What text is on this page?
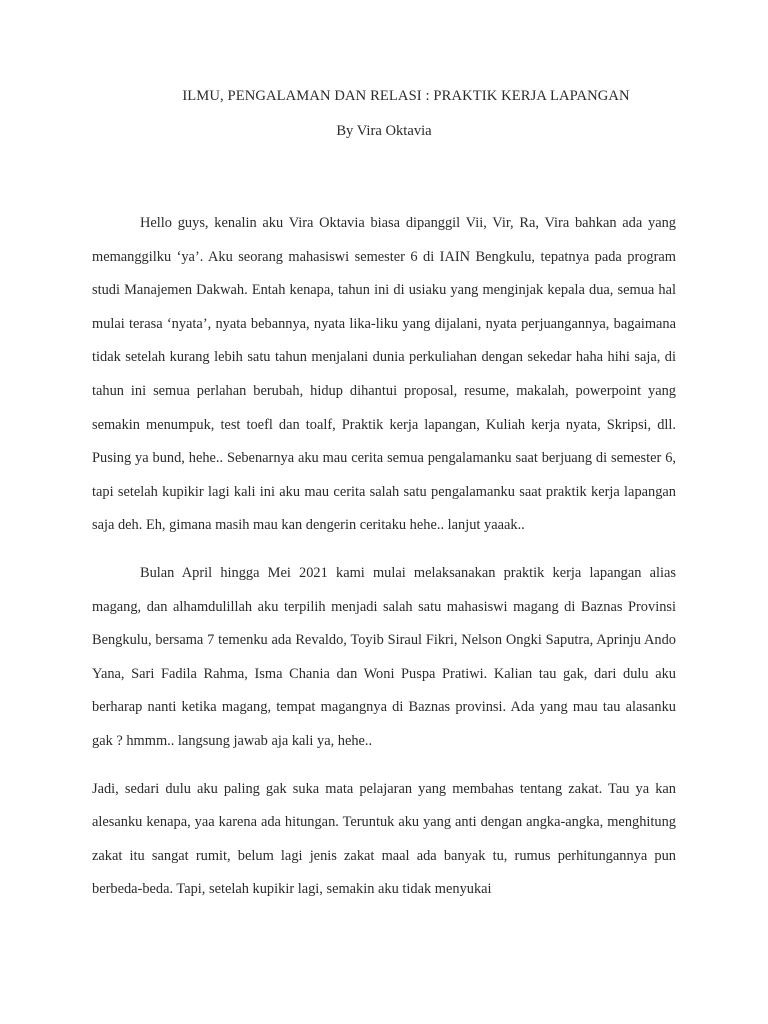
ILMU, PENGALAMAN DAN RELASI : PRAKTIK KERJA LAPANGAN

By Vira Oktavia

Hello guys, kenalin aku Vira Oktavia biasa dipanggil Vii, Vir, Ra, Vira bahkan ada yang memanggilku ‘ya’. Aku seorang mahasiswi semester 6 di IAIN Bengkulu, tepatnya pada program studi Manajemen Dakwah. Entah kenapa, tahun ini di usiaku yang menginjak kepala dua, semua hal mulai terasa ‘nyata’, nyata bebannya, nyata lika-liku yang dijalani, nyata perjuangannya, bagaimana tidak setelah kurang lebih satu tahun menjalani dunia perkuliahan dengan sekedar haha hihi saja, di tahun ini semua perlahan berubah, hidup dihantui proposal, resume, makalah, powerpoint yang semakin menumpuk, test toefl dan toalf, Praktik kerja lapangan, Kuliah kerja nyata, Skripsi, dll. Pusing ya bund, hehe.. Sebenarnya aku mau cerita semua pengalamanku saat berjuang di semester 6, tapi setelah kupikir lagi kali ini aku mau cerita salah satu pengalamanku saat praktik kerja lapangan saja deh. Eh, gimana masih mau kan dengerin ceritaku hehe.. lanjut yaaak..

Bulan April hingga Mei 2021 kami mulai melaksanakan praktik kerja lapangan alias magang, dan alhamdulillah aku terpilih menjadi salah satu mahasiswi magang di Baznas Provinsi Bengkulu, bersama 7 temenku ada Revaldo, Toyib Siraul Fikri, Nelson Ongki Saputra, Aprinju Ando Yana, Sari Fadila Rahma, Isma Chania dan Woni Puspa Pratiwi. Kalian tau gak, dari dulu aku berharap nanti ketika magang, tempat magangnya di Baznas provinsi. Ada yang mau tau alasanku gak ? hmmm.. langsung jawab aja kali ya, hehe..

Jadi, sedari dulu aku paling gak suka mata pelajaran yang membahas tentang zakat. Tau ya kan alesanku kenapa, yaa karena ada hitungan. Teruntuk aku yang anti dengan angka-angka, menghitung zakat itu sangat rumit, belum lagi jenis zakat maal ada banyak tu, rumus perhitungannya pun berbeda-beda. Tapi, setelah kupikir lagi, semakin aku tidak menyukai
